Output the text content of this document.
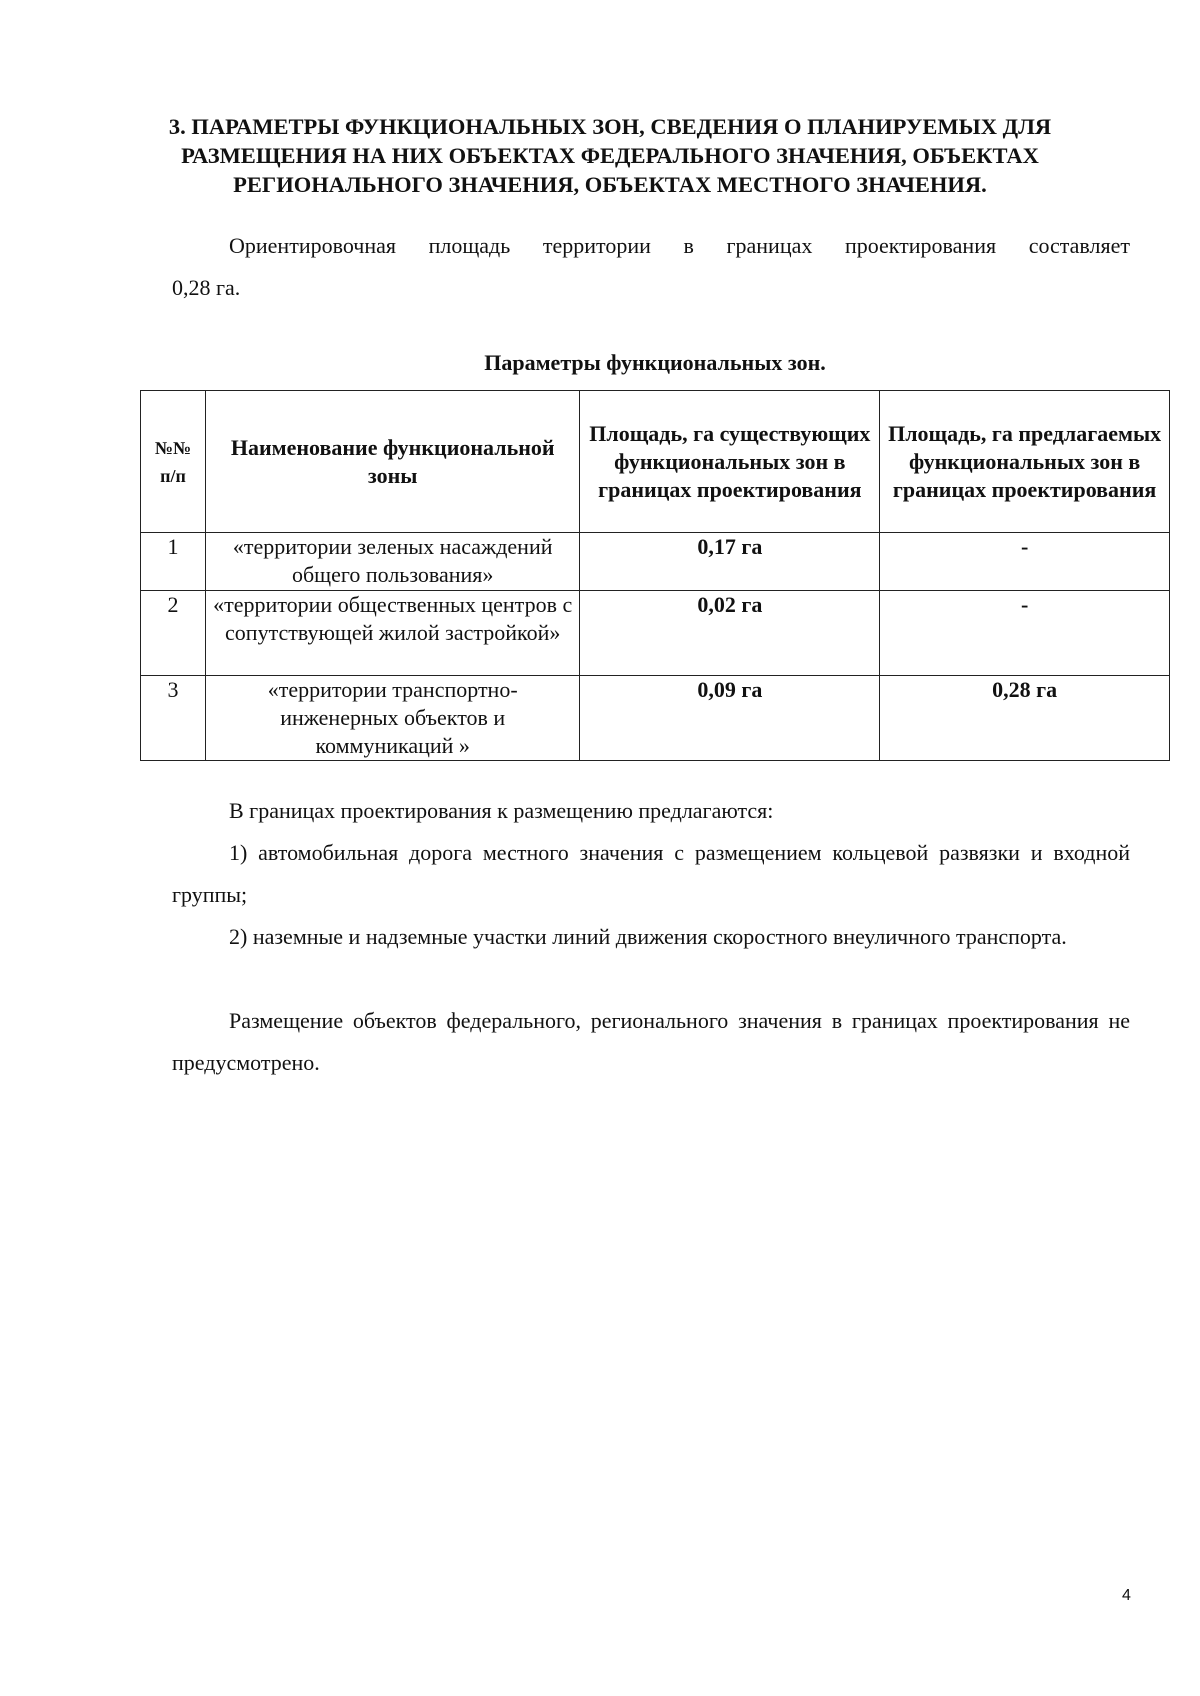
3. ПАРАМЕТРЫ ФУНКЦИОНАЛЬНЫХ ЗОН, СВЕДЕНИЯ О ПЛАНИРУЕМЫХ ДЛЯ
РАЗМЕЩЕНИЯ НА НИХ ОБЪЕКТАХ ФЕДЕРАЛЬНОГО ЗНАЧЕНИЯ, ОБЪЕКТАХ
РЕГИОНАЛЬНОГО ЗНАЧЕНИЯ, ОБЪЕКТАХ МЕСТНОГО ЗНАЧЕНИЯ.
Ориентировочная площадь территории в границах проектирования составляет
0,28 га.
Параметры функциональных зон.
№№ п/п	Наименование функциональной зоны	Площадь, га существующих функциональных зон в границах проектирования	Площадь, га предлагаемых функциональных зон в границах проектирования
1	«территории зеленых насаждений общего пользования»	0,17 га	-
2	«территории общественных центров с сопутствующей жилой застройкой»	0,02 га	-
3	«территории транспортно-инженерных объектов и коммуникаций »	0,09 га	0,28 га
В границах проектирования к размещению предлагаются:
1) автомобильная дорога местного значения с размещением кольцевой развязки и входной группы;
2) наземные и надземные участки линий движения скоростного внеуличного транспорта.
Размещение объектов федерального, регионального значения в границах проектирования не предусмотрено.
4
